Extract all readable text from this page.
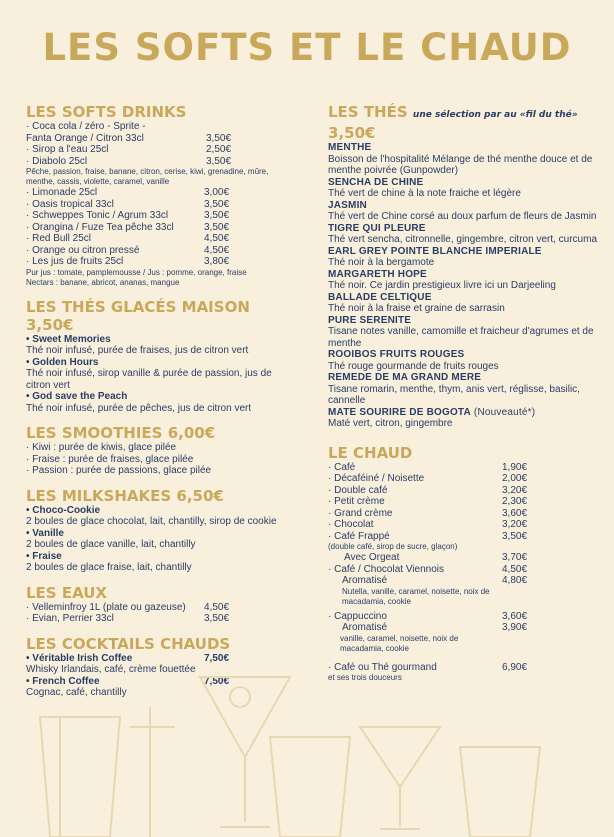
LES SOFTS ET LE CHAUD
LES SOFTS DRINKS
· Coca cola / zéro - Sprite -
Fanta Orange / Citron 33cl	3,50€
· Sirop a l'eau 25cl	2,50€
· Diabolo 25cl	3,50€
Pêche, passion, fraise, banane, citron, cerise, kiwi, grenadine, mûre, menthe, cassis, violette, caramel, vanille
· Limonade 25cl	3,00€
· Oasis tropical 33cl	3,50€
· Schweppes Tonic / Agrum 33cl	3,50€
· Orangina / Fuze Tea pêche 33cl	3,50€
· Red Bull 25cl	4,50€
· Orange ou citron pressé	4,50€
· Les jus de fruits 25cl	3,80€
Pur jus : tomate, pamplemousse / Jus : pomme, orange, fraise
Nectars : banane, abricot, ananas, mangue
LES THÉS GLACÉS MAISON 3,50€
• Sweet Memories
Thé noir infusé, purée de fraises, jus de citron vert
• Golden Hours
Thé noir infusé, sirop vanille & purée de passion, jus de citron vert
• God save the Peach
Thé noir infusé, purée de pêches, jus de citron vert
LES SMOOTHIES 6,00€
· Kiwi : purée de kiwis, glace pilée
· Fraise : purée de fraises, glace pilée
· Passion : purée de passions, glace pilée
LES MILKSHAKES 6,50€
• Choco-Cookie
2 boules de glace chocolat, lait, chantilly, sirop de cookie
• Vanille
2 boules de glace vanille, lait, chantilly
• Fraise
2 boules de glace fraise, lait, chantilly
LES EAUX
· Velleminfroy 1L (plate ou gazeuse) 4,50€
· Evian, Perrier 33cl	3,50€
LES COCKTAILS CHAUDS
• Véritable Irish Coffee	7,50€
Whisky Irlandais, café, crème fouettée
• French Coffee	7,50€
Cognac, café, chantilly
LES THÉS une sélection par au «fil du thé»
3,50€
MENTHE
Boisson de l'hospitalité Mélange de thé menthe douce et de menthe poivrée (Gunpowder)
SENCHA DE CHINE
Thé vert de chine à la note fraiche et légère
JASMIN
Thé vert de Chine corsé au doux parfum de fleurs de Jasmin
TIGRE QUI PLEURE
Thé vert sencha, citronnelle, gingembre, citron vert, curcuma
EARL GREY POINTE BLANCHE IMPERIALE
Thé noir à la bergamote
MARGARETH HOPE
Thé noir. Ce jardin prestigieux livre ici un Darjeeling
BALLADE CELTIQUE
Thé noir à la fraise et graine de sarrasin
PURE SERENITE
Tisane notes vanille, camomille et fraicheur d'agrumes et de menthe
ROOIBOS FRUITS ROUGES
Thé rouge gourmande de fruits rouges
REMEDE DE MA GRAND MERE
Tisane romarin, menthe, thym, anis vert, réglisse, basilic, cannelle
MATE SOURIRE DE BOGOTA (Nouveauté*)
Maté vert, citron, gingembre
LE CHAUD
· Café	1,90€
· Décaféiné / Noisette	2,00€
· Double café	3,20€
· Petit crème	2,30€
· Grand crème	3,60€
· Chocolat	3,20€
· Café Frappé	3,50€
(double café, sirop de sucre, glaçon)
Avec Orgeat	3,70€
· Café / Chocolat Viennois	4,50€
Aromatisé	4,80€
Nutella, vanille, caramel, noisette, noix de macadamia, cookie
· Cappuccino	3,60€
Aromatisé	3,90€
vanille, caramel, noisette, noix de macadamia, cookie
· Café ou Thé gourmand	6,90€
et ses trois douceurs
